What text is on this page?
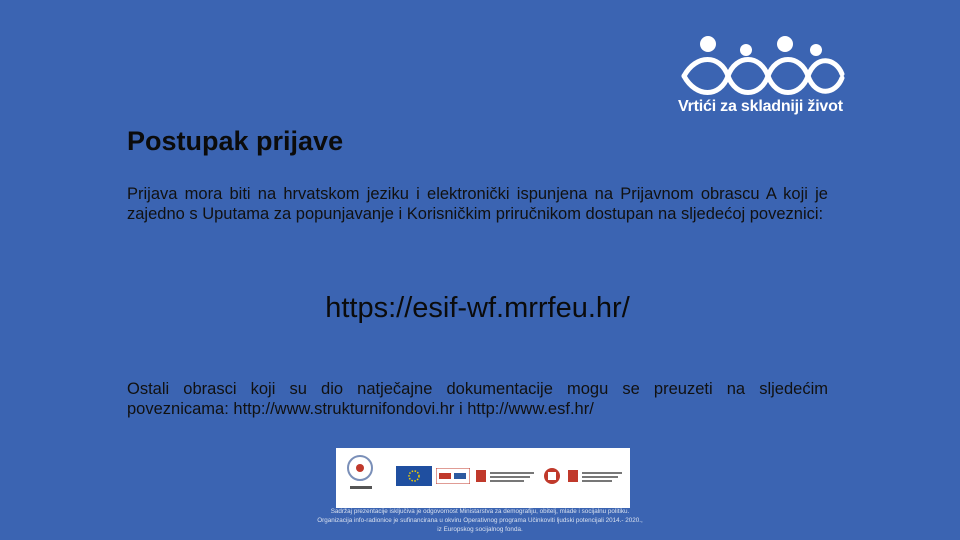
Vrtići za skladniji život
Postupak prijave
Prijava mora biti na hrvatskom jeziku i elektronički ispunjena na Prijavnom obrascu A koji je zajedno s Uputama za popunjavanje i Korisničkim priručnikom dostupan na sljedećoj poveznici:
https://esif-wf.mrrfeu.hr/
Ostali obrasci koji su dio natječajne dokumentacije mogu se preuzeti na sljedećim poveznicama: http://www.strukturnifondovi.hr i http://www.esf.hr/
Sadržaj prezentacije isključiva je odgovornost Ministarstva za demografiju, obitelj, mlade i socijalnu politiku.
Organizacija info-radionice je sufinancirana u okviru Operativnog programa Učinkoviti ljudski potencijali 2014.- 2020.,
iz Europskog socijalnog fonda.
